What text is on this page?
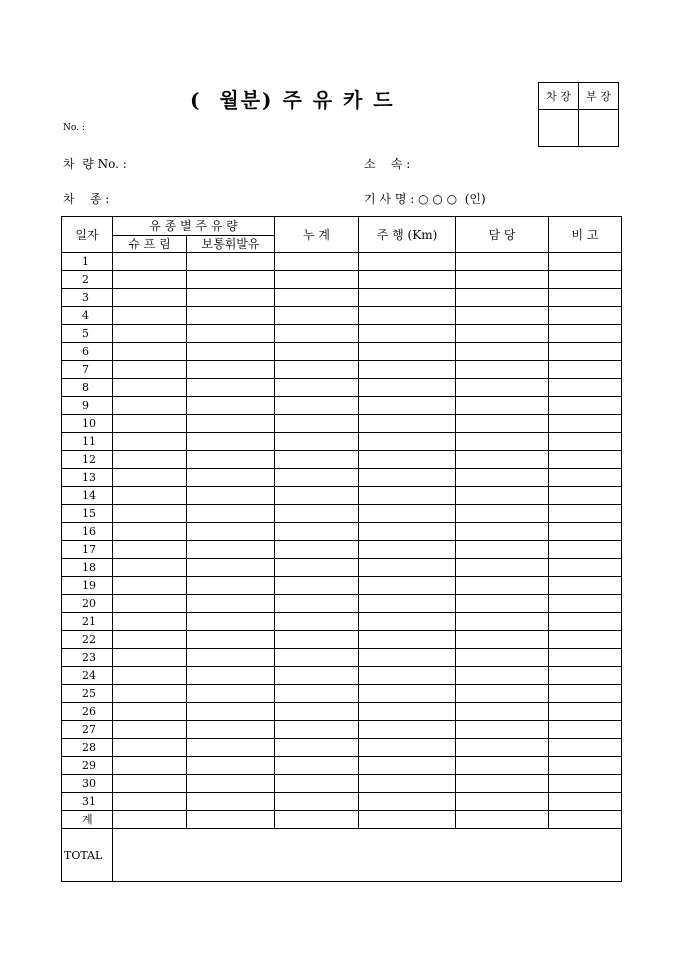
(  월분) 주 유 카 드	차 장	부 장

No. :
차  량 No. :	소    속 :
차    종 :	기 사 명 : ○ ○ ○  (인)
일자	유 종 별 주 유 량		누 계	주 행 (Km)	담 당	비 고
	슈 프 림	보통휘발유				
1						
2						
3						
4						
5						
6						
7						
8						
9						
10						
11						
12						
13						
14						
15						
16						
17						
18						
19						
20						
21						
22						
23						
24						
25						
26						
27						
28						
29						
30						
31						
계						
TOTAL						
